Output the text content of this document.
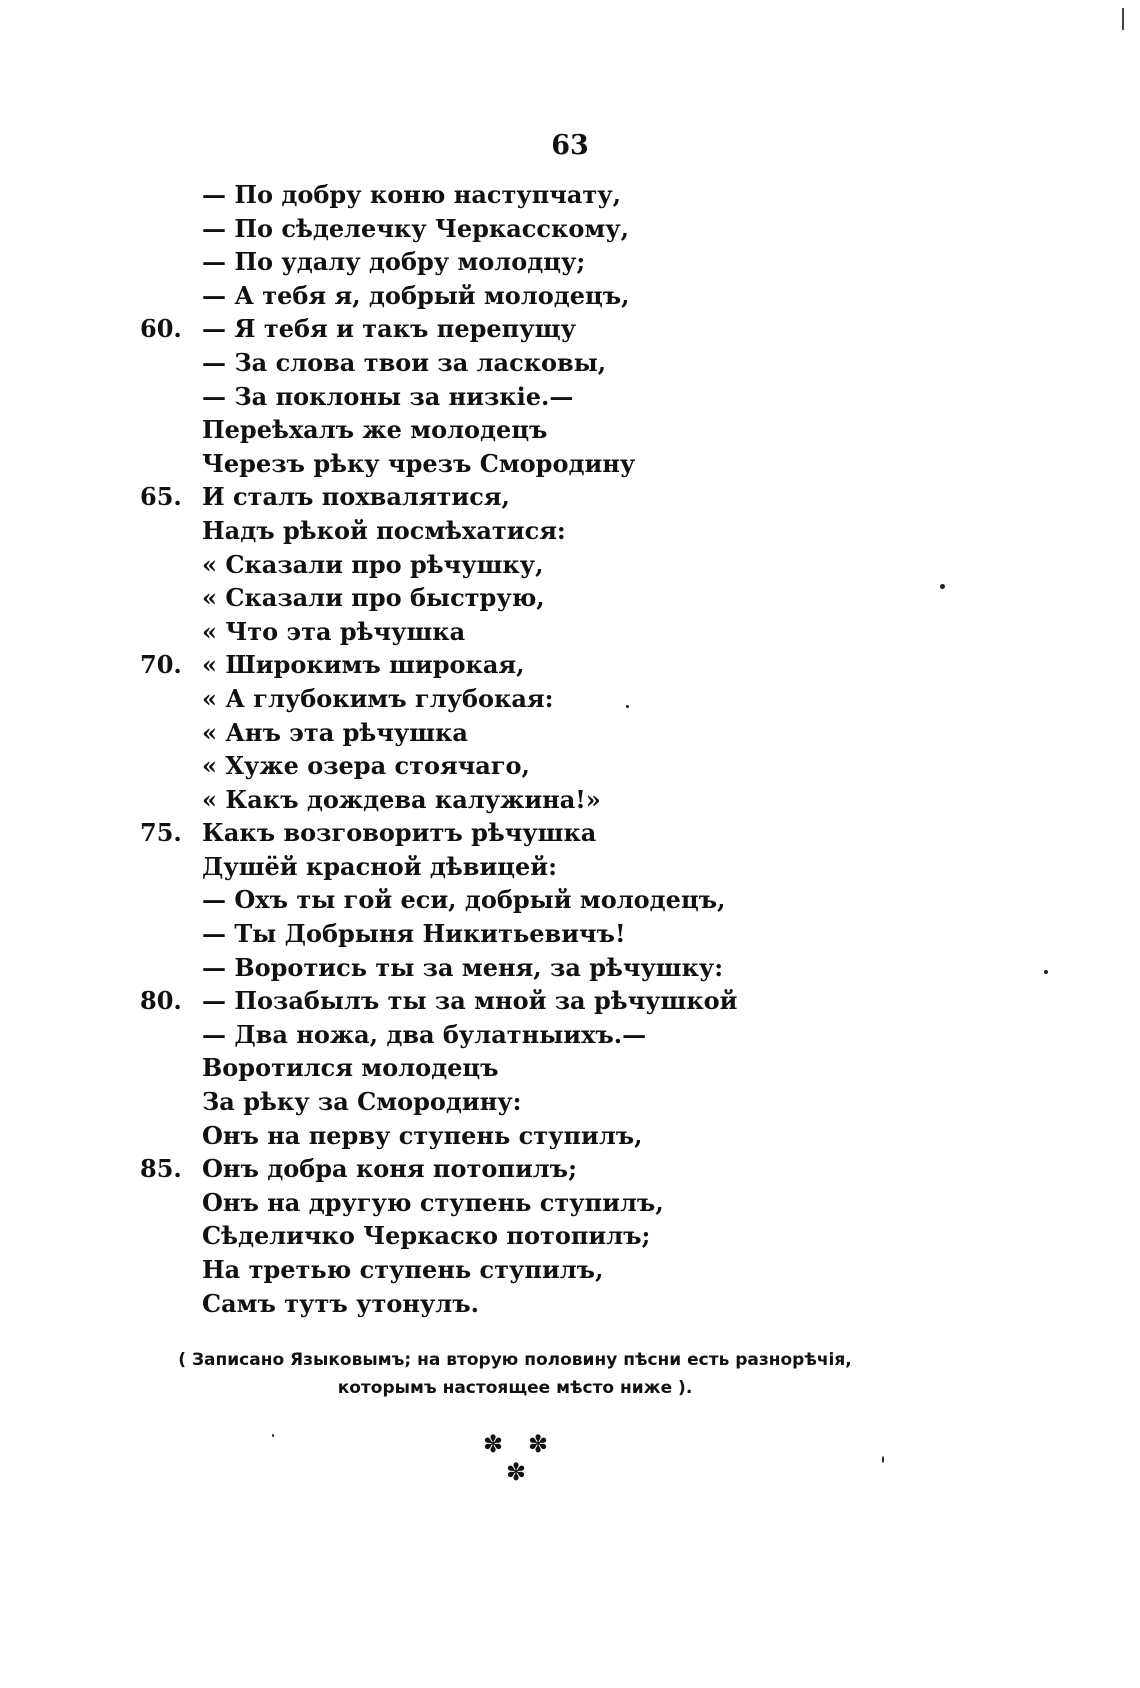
63
— По добру коню наступчату,
— По сѣделечку Черкасскому,
— По удалу добру молодцу;
— А тебя я, добрый молодецъ,
60. — Я тебя и такъ перепущу
— За слова твои за ласковы,
— За поклоны за низкіе.—
Переѣхалъ же молодецъ
Черезъ рѣку чрезъ Смородину
65. И сталъ похвалятися,
Надъ рѣкой посмѣхатися:
« Сказали про рѣчушку,
« Сказали про быструю,
« Что эта рѣчушка
70. « Широкимъ широкая,
« А глубокимъ глубокая:
« Анъ эта рѣчушка
« Хуже озера стоячаго,
« Какъ дождева калужина!»
75. Какъ возговоритъ рѣчушка
Душёй красной дѣвицей:
— Охъ ты гой еси, добрый молодецъ,
— Ты Добрыня Никитьевичъ!
— Воротись ты за меня, за рѣчушку:
80. — Позабылъ ты за мной за рѣчушкой
— Два ножа, два булатныихъ.—
Воротился молодецъ
За рѣку за Смородину:
Онъ на перву ступень ступилъ,
85. Онъ добра коня потопилъ;
Онъ на другую ступень ступилъ,
Сѣделичко Черкаско потопилъ;
На третью ступень ступилъ,
Самъ тутъ утонулъ.
( Записано Языковымъ; на вторую половину пѣсни есть разнорѣчія, которымъ настоящее мѣсто ниже ).
✽ ✽
✽
